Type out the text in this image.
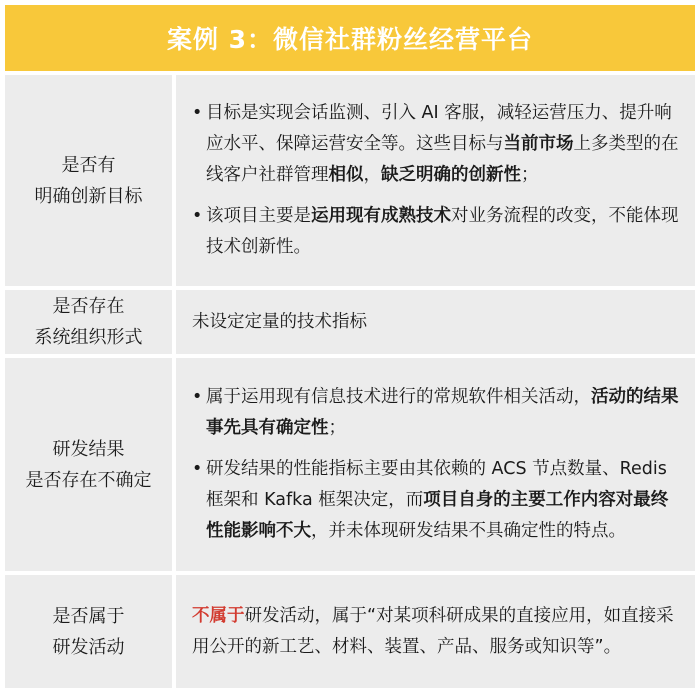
案例 3：微信社群粉丝经营平台
是否有
明确创新目标
• 目标是实现会话监测、引入 AI 客服，减轻运营压力、提升响应水平、保障运营安全等。这些目标与当前市场上多类型的在线客户社群管理相似，缺乏明确的创新性；
• 该项目主要是运用现有成熟技术对业务流程的改变，不能体现技术创新性。
是否存在
系统组织形式
未设定定量的技术指标
研发结果
是否存在不确定
• 属于运用现有信息技术进行的常规软件相关活动，活动的结果事先具有确定性；
• 研发结果的性能指标主要由其依赖的 ACS 节点数量、Redis 框架和 Kafka 框架决定，而项目自身的主要工作内容对最终性能影响不大，并未体现研发结果不具确定性的特点。
是否属于
研发活动
不属于研发活动，属于“对某项科研成果的直接应用，如直接采用公开的新工艺、材料、装置、产品、服务或知识等”。
